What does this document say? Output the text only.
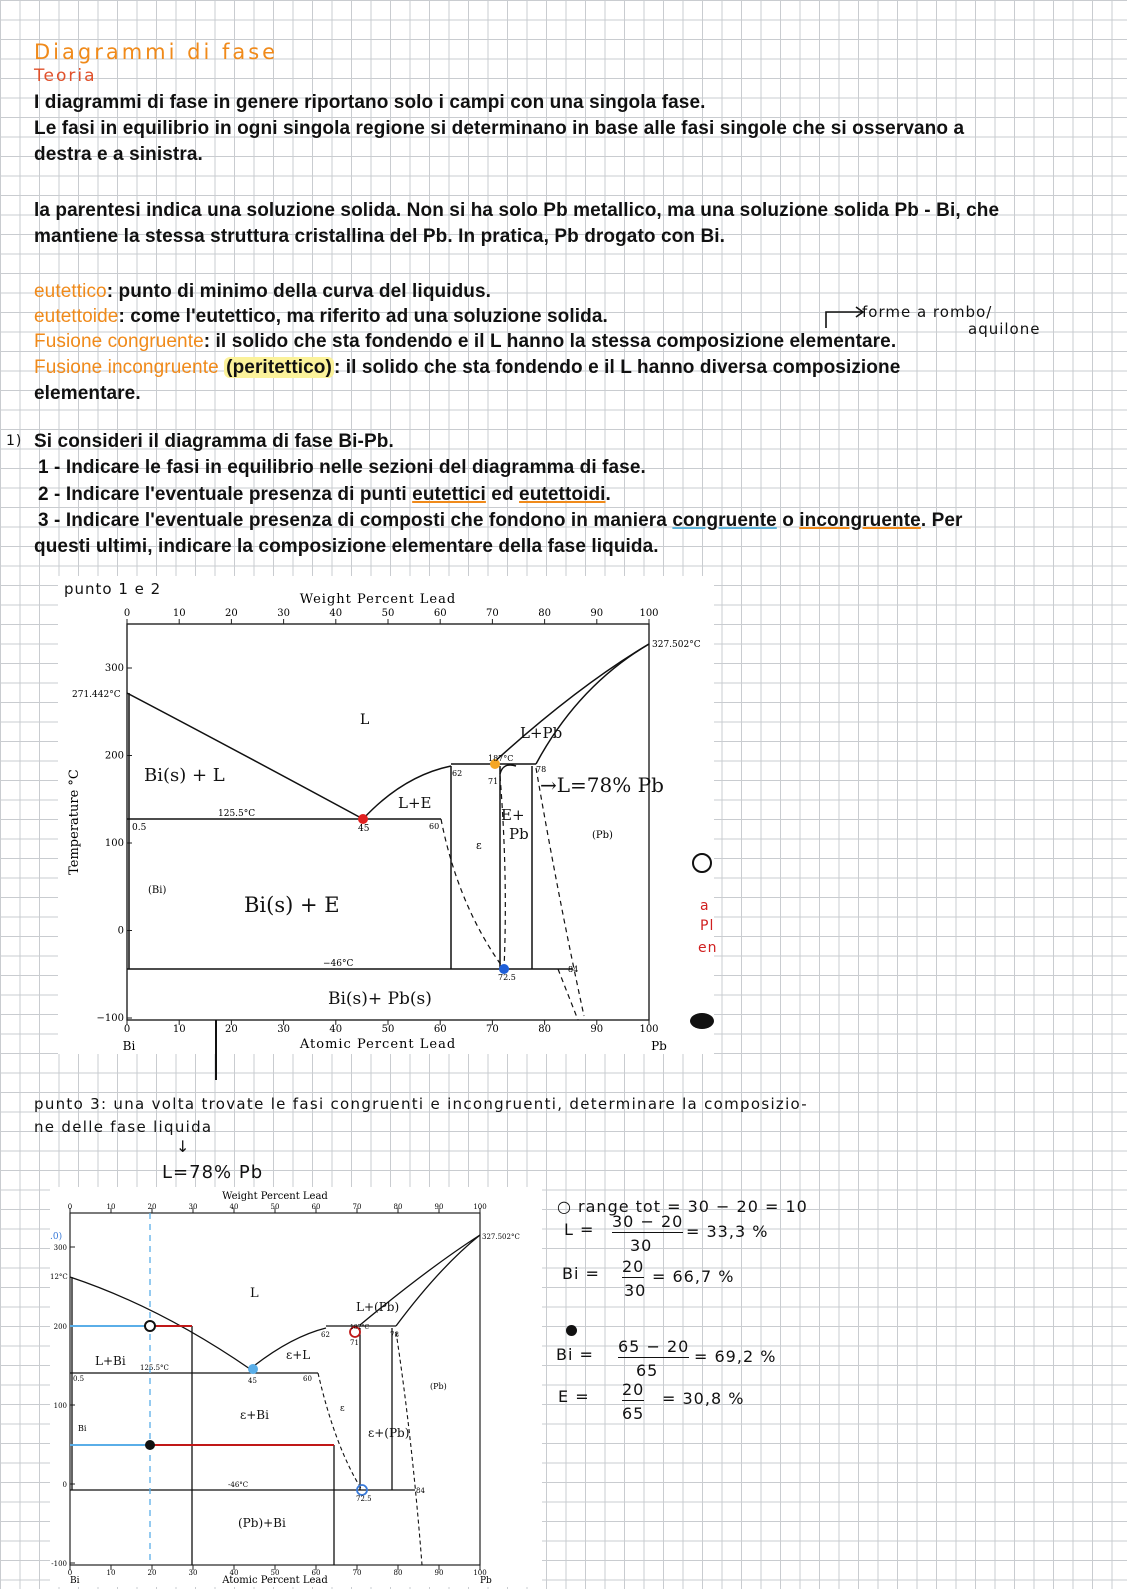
Diagrammi di fase
Teoria
I diagrammi di fase in genere riportano solo i campi con una singola fase.
Le fasi in equilibrio in ogni singola regione si determinano in base alle fasi singole che si osservano a
destra e a sinistra.
la parentesi indica una soluzione solida. Non si ha solo Pb metallico, ma una soluzione solida Pb - Bi, che
mantiene la stessa struttura cristallina del Pb. In pratica, Pb drogato con Bi.
eutettico: punto di minimo della curva del liquidus.
eutettoide: come l'eutettico, ma riferito ad una soluzione solida.
Fusione congruente: il solido che sta fondendo e il L hanno la stessa composizione elementare.
Fusione incongruente (peritettico) : il solido che sta fondendo e il L hanno diversa composizione
elementare.
forme a rombo/
aquilone
1) Si consideri il diagramma di fase Bi-Pb.
1 - Indicare le fasi in equilibrio nelle sezioni del diagramma di fase.
2 - Indicare l'eventuale presenza di punti eutettici ed eutettoidi.
3 - Indicare l'eventuale presenza di composti che fondono in maniera congruente o incongruente. Per
questi ultimi, indicare la composizione elementare della fase liquida.
punto 1 e 2
Weight Percent Lead
Atomic Percent Lead
Temperature °C
Bi	Pb
0	10	20	30	40	50	60	70	80	90	100
0	10	20	30	40	50	60	70	80	90	100
300
200
100
0
−100
327.502°C
271.442°C
125.5°C
45
0.5
(Bi)
(Pb)
187°C
62
71
78
60
ε
−46°C
72.5
84
L
L+Pb
Bi(s) + L
L+E
E+
Pb
Bi(s) + E
Bi(s)+ Pb(s)
→L=78% Pb
a
Pl
en
punto 3: una volta trovate le fasi congruenti e incongruenti, determinare la composizio-
ne delle fase liquida
↓
L=78% Pb
Weight Percent Lead
Atomic Percent Lead
0	10	20	30	40	50	60	70	80	90	100
0	10	20	30	40	50	60	70	80	90	100
300
200
100
0
-100
.0)
12°C
Bi	Pb
327.502°C
125.5°C
-46°C
45
62
71
78
60
72.5
84
0.5
187°C
Bi
(Pb)
ε
L
L+(Pb)
ε+L
L+Bi
ε+Bi
ε+(Pb)
(Pb)+Bi
○ range tot = 30 − 20 = 10
L = 30 − 20
30
= 33,3 %
Bi = 20
30
= 66,7 %
Bi = 65 − 20
65
= 69,2 %
E = 20
65
= 30,8 %
